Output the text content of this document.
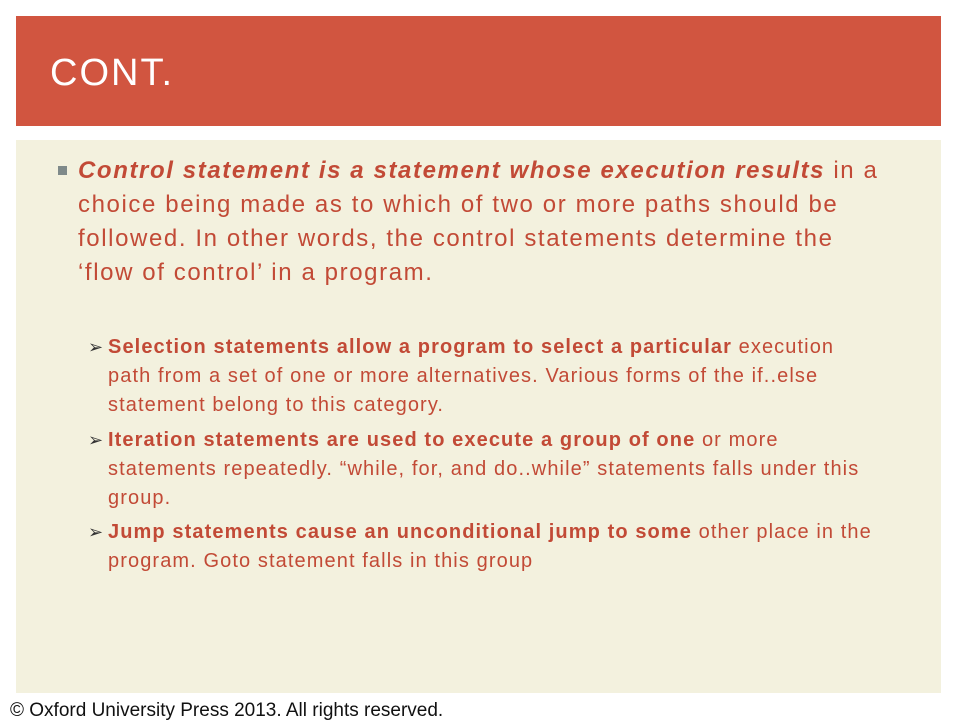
CONT.
Control statement is a statement whose execution results in a choice being made as to which of two or more paths should be followed. In other words, the control statements determine the ‘flow of control’ in a program.
➢ Selection statements allow a program to select a particular execution path from a set of one or more alternatives. Various forms of the if..else statement belong to this category.
➢ Iteration statements are used to execute a group of one or more statements repeatedly. “while, for, and do..while” statements falls under this group.
➢ Jump statements cause an unconditional jump to some other place in the program. Goto statement falls in this group
© Oxford University Press 2013. All rights reserved.
